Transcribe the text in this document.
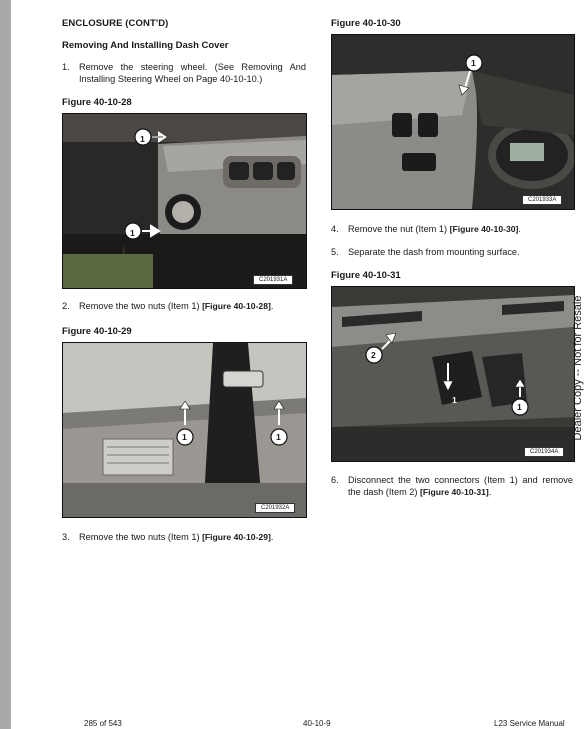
ENCLOSURE (CONT'D)
Removing And Installing Dash Cover
1.	Remove the steering wheel. (See Removing And Installing Steering Wheel on Page 40-10-10.)
Figure 40-10-28
1
1
C201931A
2.	Remove the two nuts (Item 1) [Figure 40-10-28].
Figure 40-10-29
1	1
C201932A
3.	Remove the two nuts (Item 1) [Figure 40-10-29].
Figure 40-10-30
1
C201933A
4.	Remove the nut (Item 1) [Figure 40-10-30].
5.	Separate the dash from mounting surface.
Figure 40-10-31
2
1
1
C201934A
6.	Disconnect the two connectors (Item 1) and remove the dash (Item 2) [Figure 40-10-31].
Dealer Copy -- Not for Resale
285 of 543	40-10-9	L23 Service Manual
